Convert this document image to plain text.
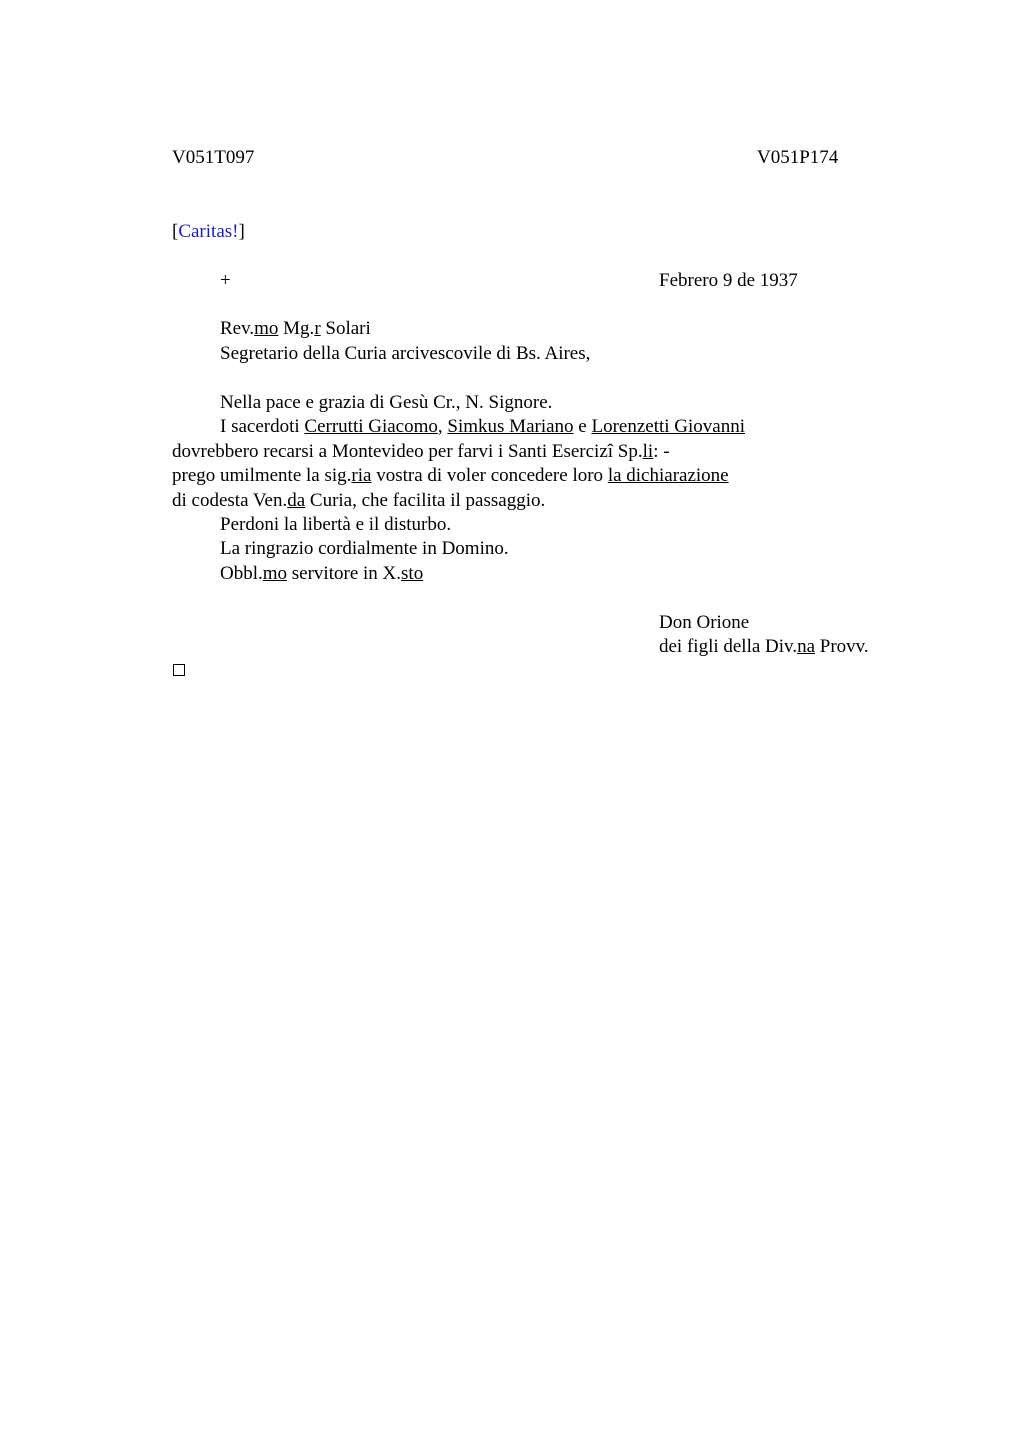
V051T097	V051P174
[Caritas!]
+	Febrero 9 de 1937
Rev.mo Mg.r Solari
Segretario della Curia arcivescovile di Bs. Aires,
Nella pace e grazia di Gesù Cr., N. Signore.
I sacerdoti Cerrutti Giacomo, Simkus Mariano e Lorenzetti Giovanni
dovrebbero recarsi a Montevideo per farvi i Santi Esercizi Sp.li: -
prego umilmente la sig.ria vostra di voler concedere loro la dichiarazione
di codesta Ven.da Curia, che facilita il passaggio.
Perdoni la libertà e il disturbo.
La ringrazio cordialmente in Domino.
Obbl.mo servitore in X.sto
Don Orione
dei figli della Div.na Provv.
